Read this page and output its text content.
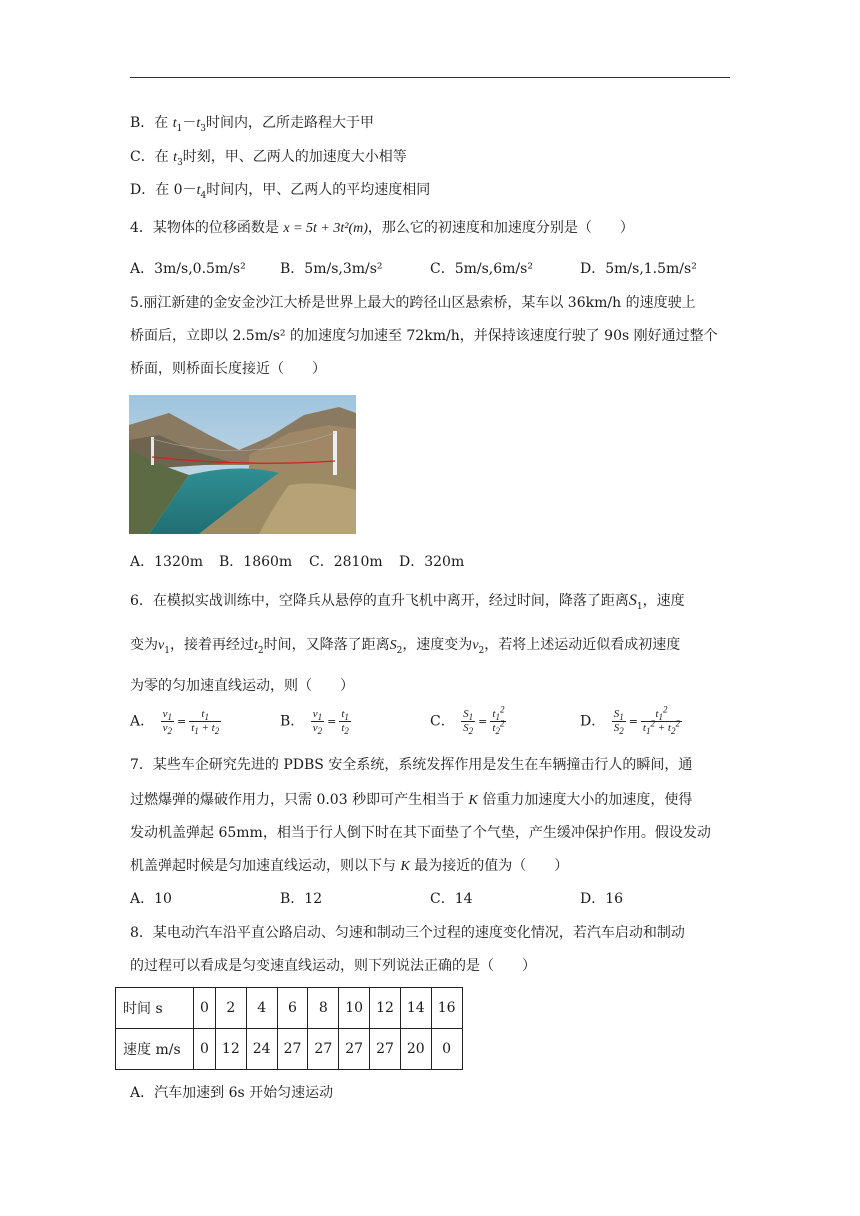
B．在 $t_1-t_3$时间内，乙所走路程大于甲
C．在 $t_3$时刻，甲、乙两人的加速度大小相等
D．在 $0-t_4$时间内，甲、乙两人的平均速度相同
4．某物体的位移函数是 x = 5t + 3t²(m)，那么它的初速度和加速度分别是（　　）
A．3m/s,0.5m/s² B．5m/s,3m/s²	C．5m/s,6m/s²	D．5m/s,1.5m/s²
5.丽江新建的金安金沙江大桥是世界上最大的跨径山区悬索桥，某车以 36km/h 的速度驶上
桥面后，立即以 2.5m/s² 的加速度匀加速至 72km/h，并保持该速度行驶了 90s 刚好通过整个
桥面，则桥面长度接近（　　）
A．1320m B．1860m C．2810m D．320m
6．在模拟实战训练中，空降兵从悬停的直升飞机中离开，经过时间，降落了距离$S_1$，速度
变为$v_1$，接着再经过$t_2$时间，又降落了距离$S_2$，速度变为$v_2$，若将上述运动近似看成初速度
为零的匀加速直线运动，则（　　）
A． $\frac{v_1}{v_2} = \frac{t_1}{t_1 + t_2}$	B． $\frac{v_1}{v_2} = \frac{t_1}{t_2}$	C． $\frac{S_1}{S_2} = \frac{t_1^2}{t_2^2}$	D． $\frac{S_1}{S_2} = \frac{t_1^2}{t_1^2 + t_2^2}$
7．某些车企研究先进的 PDBS 安全系统，系统发挥作用是发生在车辆撞击行人的瞬间，通
过燃爆弹的爆破作用力，只需 0.03 秒即可产生相当于 K 倍重力加速度大小的加速度，使得
发动机盖弹起 65mm，相当于行人倒下时在其下面垫了个气垫，产生缓冲保护作用。假设发动
机盖弹起时候是匀加速直线运动，则以下与 K 最为接近的值为（　　）
A．10	B．12	C．14	D．16
8．某电动汽车沿平直公路启动、匀速和制动三个过程的速度变化情况，若汽车启动和制动
的过程可以看成是匀变速直线运动，则下列说法正确的是（　　）
时间 s	0	2	4	6	8	10	12	14	16
速度 m/s	0	12	24	27	27	27	27	20	0
A．汽车加速到 6s 开始匀速运动
